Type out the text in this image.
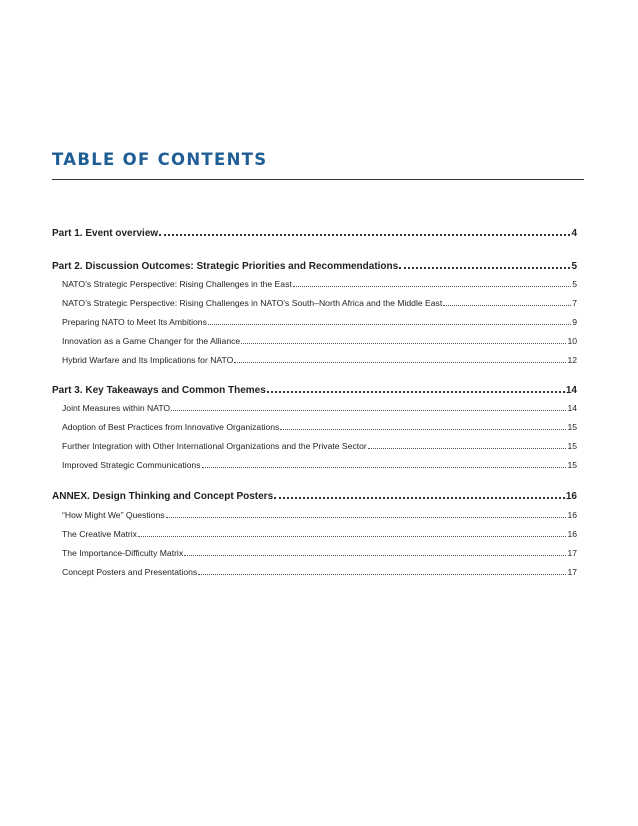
TABLE OF CONTENTS
Part 1. Event overview	4
Part 2. Discussion Outcomes: Strategic Priorities and Recommendations	5
NATO’s Strategic Perspective: Rising Challenges in the East	5
NATO’s Strategic Perspective: Rising Challenges in NATO’s South–North Africa and the Middle East	7
Preparing NATO to Meet Its Ambitions	9
Innovation as a Game Changer for the Alliance	10
Hybrid Warfare and Its Implications for NATO	12
Part 3. Key Takeaways and Common Themes	14
Joint Measures within NATO	14
Adoption of Best Practices from Innovative Organizations	15
Further Integration with Other International Organizations and the Private Sector	15
Improved Strategic Communications	15
ANNEX. Design Thinking and Concept Posters	16
“How Might We” Questions	16
The Creative Matrix	16
The Importance-Difficulty Matrix	17
Concept Posters and Presentations	17
